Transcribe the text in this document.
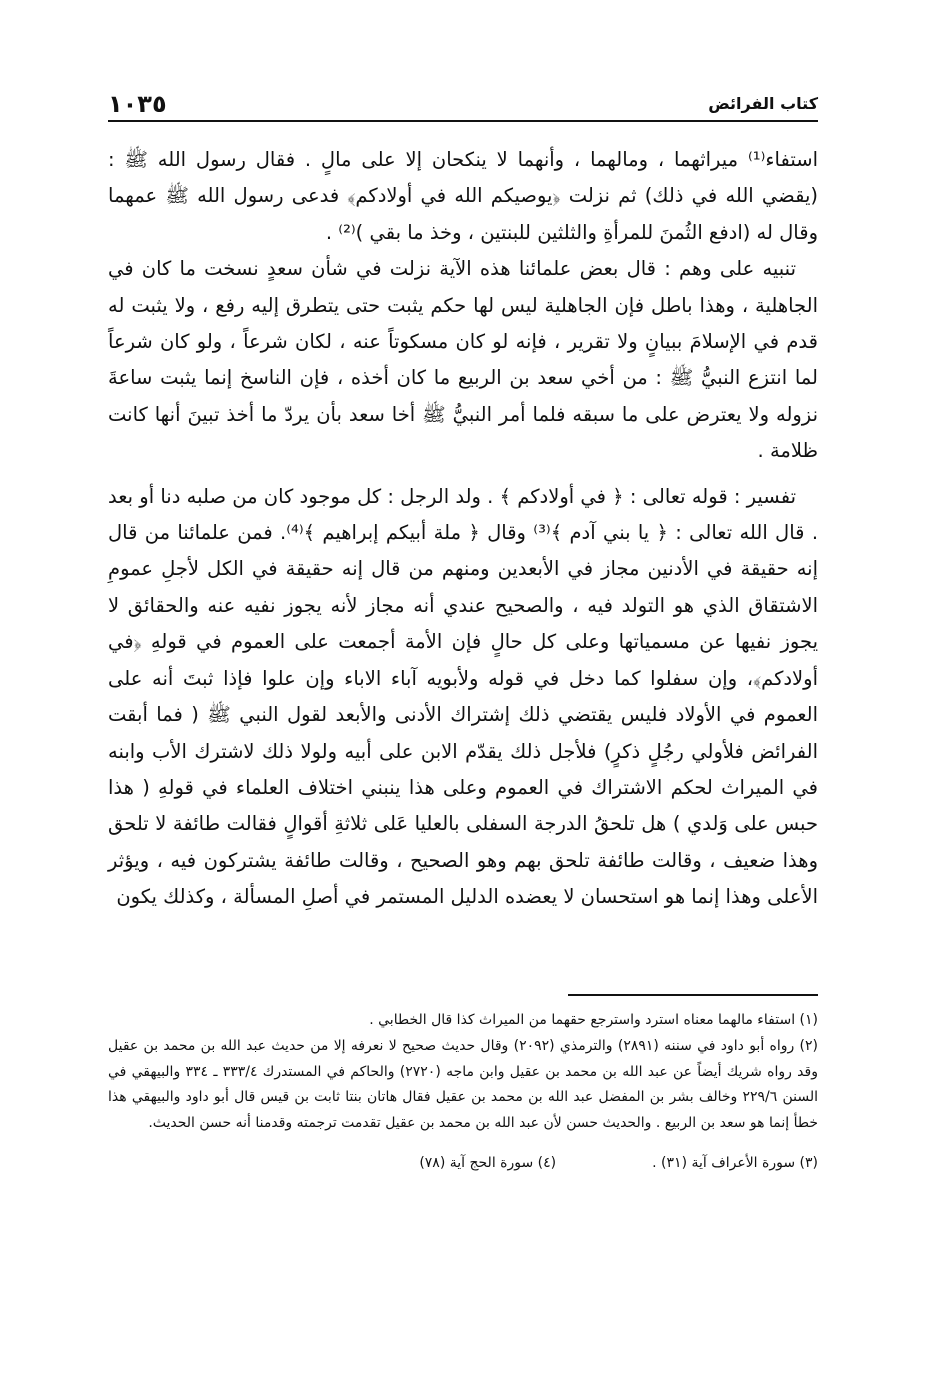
كتاب الفرائض
١٠٣٥

استفاء⁽¹⁾ ميراثهما ، ومالهما ، وأنهما لا ينكحان إلا على مالٍ . فقال رسول الله ﷺ : (يقضي الله في ذلك) ثم نزلت ﴿يوصيكم الله في أولادكم﴾ فدعى رسول الله ﷺ عمهما وقال له (ادفع الثُمنَ للمرأةِ والثلثين للبنتين ، وخذ ما بقي )⁽²⁾ .

تنبيه على وهم : قال بعض علمائنا هذه الآية نزلت في شأن سعدٍ نسخت ما كان في الجاهلية ، وهذا باطل فإن الجاهلية ليس لها حكم يثبت حتى يتطرق إليه رفع ، ولا يثبت له قدم في الإسلامَ ببيانٍ ولا تقرير ، فإنه لو كان مسكوتاً عنه ، لكان شرعاً ، ولو كان شرعاً لما انتزع النبيُّ ﷺ : من أخي سعد بن الربيع ما كان أخذه ، فإن الناسخ إنما يثبت ساعةَ نزوله ولا يعترض على ما سبقه فلما أمر النبيُّ ﷺ أخا سعد بأن يردّ ما أخذ تبينَ أنها كانت ظلامة .

تفسير : قوله تعالى : ﴿ في أولادكم ﴾ . ولد الرجل : كل موجود كان من صلبه دنا أو بعد . قال الله تعالى : ﴿ يا بني آدم ﴾⁽³⁾ وقال ﴿ ملة أبيكم إبراهيم ﴾⁽⁴⁾. فمن علمائنا من قال إنه حقيقة في الأدنين مجاز في الأبعدين ومنهم من قال إنه حقيقة في الكل لأجلِ عمومِ الاشتقاق الذي هو التولد فيه ، والصحيح عندي أنه مجاز لأنه يجوز نفيه عنه والحقائق لا يجوز نفيها عن مسمياتها وعلى كل حالٍ فإن الأمة أجمعت على العموم في قولهِ ﴿في أولادكم﴾، وإن سفلوا كما دخل في قوله ولأبويه آباء الاباء وإن علوا فإذا ثبتَ أنه على العموم في الأولاد فليس يقتضي ذلك إشتراك الأدنى والأبعد لقول النبي ﷺ ( فما أبقت الفرائض فلأولي رجُلٍ ذكرٍ) فلأجل ذلك يقدّم الابن على أبيه ولولا ذلك لاشترك الأب وابنه في الميراث لحكم الاشتراك في العموم وعلى هذا ينبني اختلاف العلماء في قولهِ ( هذا حبس على وَلدي ) هل تلحقُ الدرجة السفلى بالعليا عَلى ثلاثةِ أقوالٍ فقالت طائفة لا تلحق وهذا ضعيف ، وقالت طائفة تلحق بهم وهو الصحيح ، وقالت طائفة يشتركون فيه ، ويؤثر الأعلى وهذا إنما هو استحسان لا يعضده الدليل المستمر في أصلِ المسألة ، وكذلك يكون

(١) استفاء مالهما معناه استرد واسترجع حقهما من الميراث كذا قال الخطابي .

(٢) رواه أبو داود في سننه (٢٨٩١) والترمذي (٢٠٩٢) وقال حديث صحيح لا نعرفه إلا من حديث عبد الله بن محمد بن عقيل وقد رواه شريك أيضاً عن عبد الله بن محمد بن عقيل وابن ماجه (٢٧٢٠) والحاكم في المستدرك ٣٣٣/٤ ـ ٣٣٤ والبيهقي في السنن ٢٢٩/٦ وخالف بشر بن المفضل عبد الله بن محمد بن عقيل فقال هاتان بنتا ثابت بن قيس قال أبو داود والبيهقي هذا خطأ إنما هو سعد بن الربيع . والحديث حسن لأن عبد الله بن محمد بن عقيل تقدمت ترجمته وقدمنا أنه حسن الحديث.

(٣) سورة الأعراف آية (٣١) .
(٤) سورة الحج آية (٧٨)
